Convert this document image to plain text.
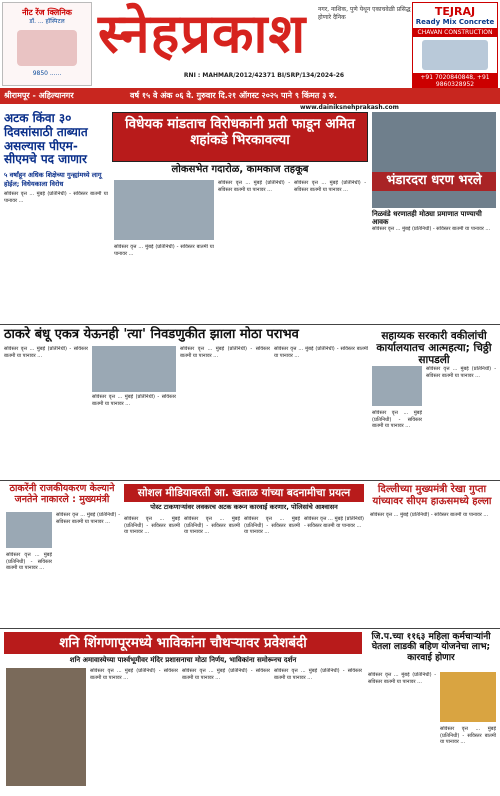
नीट रेंज क्लिनिक
डॉ. ... हॉस्पिटल
9850 ......
स्नेहप्रकाश	नगर, नाशिक, पुणे येथून एकाचवेळी प्रसिद्ध होणारे दैनिक
RNI : MAHMAR/2012/42371 BI/SRP/134/2024-26
TEJRAJ
Ready Mix Concrete
CHAVAN CONSTRUCTION
+91 7020840848, +91 9860328952
श्रीरामपूर - अहिल्यानगर	वर्ष १५ वे अंक ०६ वे. गुरुवार दि.२१ ऑगस्ट २०२५ पाने ९ किंमत ३ रु.
www.dainiksnehprakash.com
अटक किंवा ३० दिवसांसाठी ताब्यात असल्यास पीएम-सीएमचे पद जाणार
५ वर्षांहून अधिक शिक्षेच्या गुन्ह्यांमध्ये लागू होईल; विधेयकाला विरोध
सविस्तर वृत्त ... मुंबई (प्रतिनिधी) - सविस्तर बातमी या पानावर ...
विधेयक मांडताच विरोधकांनी प्रती फाडून अमित शहांकडे भिरकावल्या
लोकसभेत गदारोळ, कामकाज तहकूब
सविस्तर वृत्त ... मुंबई (प्रतिनिधी) - सविस्तर बातमी या पानावर ...
सविस्तर वृत्त ... मुंबई (प्रतिनिधी) - सविस्तर बातमी या पानावर ...
सविस्तर वृत्त ... मुंबई (प्रतिनिधी) - सविस्तर बातमी या पानावर ...
भंडारदरा धरण भरले
निळवंडे धरणातही मोठ्या प्रमाणात पाण्याची आवक
सविस्तर वृत्त ... मुंबई (प्रतिनिधी) - सविस्तर बातमी या पानावर ...
ठाकरे बंधू एकत्र येऊनही 'त्या' निवडणुकीत झाला मोठा पराभव
सविस्तर वृत्त ... मुंबई (प्रतिनिधी) - सविस्तर बातमी या पानावर ...
सविस्तर वृत्त ... मुंबई (प्रतिनिधी) - सविस्तर बातमी या पानावर ...
सविस्तर वृत्त ... मुंबई (प्रतिनिधी) - सविस्तर बातमी या पानावर ...
सविस्तर वृत्त ... मुंबई (प्रतिनिधी) - सविस्तर बातमी या पानावर ...
सहाय्यक सरकारी वकीलांची कार्यालयातच आत्महत्या; चिठ्ठी सापडली
सविस्तर वृत्त ... मुंबई (प्रतिनिधी) - सविस्तर बातमी या पानावर ...
सविस्तर वृत्त ... मुंबई (प्रतिनिधी) - सविस्तर बातमी या पानावर ...
ठाकरेंनी राजकीयकरण केल्याने जनतेने नाकारले : मुख्यमंत्री
सविस्तर वृत्त ... मुंबई (प्रतिनिधी) - सविस्तर बातमी या पानावर ...
सविस्तर वृत्त ... मुंबई (प्रतिनिधी) - सविस्तर बातमी या पानावर ...
सोशल मीडियावरती आ. खताळ यांच्या बदनामीचा प्रयत्न
पोस्ट टाकणाऱ्यांवर लवकरच अटक करून कारवाई करणार, पोलिसांचे आश्वासन
सविस्तर वृत्त ... मुंबई (प्रतिनिधी) - सविस्तर बातमी या पानावर ...
सविस्तर वृत्त ... मुंबई (प्रतिनिधी) - सविस्तर बातमी या पानावर ...
सविस्तर वृत्त ... मुंबई (प्रतिनिधी) - सविस्तर बातमी या पानावर ...
सविस्तर वृत्त ... मुंबई (प्रतिनिधी) - सविस्तर बातमी या पानावर ...
दिल्लीच्या मुख्यमंत्री रेखा गुप्ता यांच्यावर सीएम हाऊसमध्ये हल्ला
सविस्तर वृत्त ... मुंबई (प्रतिनिधी) - सविस्तर बातमी या पानावर ...
शनि शिंगणापूरमध्ये भाविकांना चौथऱ्यावर प्रवेशबंदी
शनि अमावास्येच्या पार्श्वभूमीवर मंदिर प्रशासनाचा मोठा निर्णय, भाविकांना समोरूनच दर्शन
सविस्तर वृत्त ... मुंबई (प्रतिनिधी) - सविस्तर बातमी या पानावर ...
सविस्तर वृत्त ... मुंबई (प्रतिनिधी) - सविस्तर बातमी या पानावर ...
सविस्तर वृत्त ... मुंबई (प्रतिनिधी) - सविस्तर बातमी या पानावर ...
जि.प.च्या ११६३ महिला कर्मचाऱ्यांनी घेतला लाडकी बहिण योजनेचा लाभ; कारवाई होणार
सविस्तर वृत्त ... मुंबई (प्रतिनिधी) - सविस्तर बातमी या पानावर ...
सविस्तर वृत्त ... मुंबई (प्रतिनिधी) - सविस्तर बातमी या पानावर ...
